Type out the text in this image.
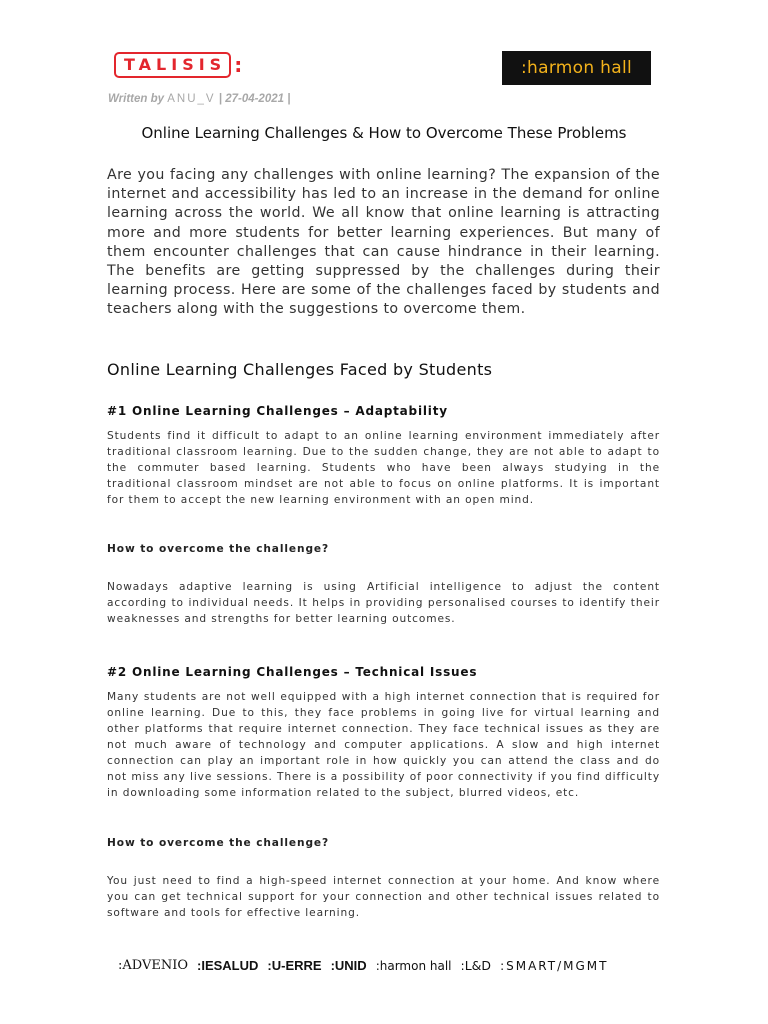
TALISIS :	:harmon hall
Written by ANU_V | 27-04-2021 |
Online Learning Challenges & How to Overcome These Problems

Are you facing any challenges with online learning? The expansion of the internet and accessibility has led to an increase in the demand for online learning across the world. We all know that online learning is attracting more and more students for better learning experiences. But many of them encounter challenges that can cause hindrance in their learning. The benefits are getting suppressed by the challenges during their learning process. Here are some of the challenges faced by students and teachers along with the suggestions to overcome them.

Online Learning Challenges Faced by Students
#1 Online Learning Challenges – Adaptability

Students find it difficult to adapt to an online learning environment immediately after traditional classroom learning. Due to the sudden change, they are not able to adapt to the commuter based learning. Students who have been always studying in the traditional classroom mindset are not able to focus on online platforms. It is important for them to accept the new learning environment with an open mind.

How to overcome the challenge?

Nowadays adaptive learning is using Artificial intelligence to adjust the content according to individual needs. It helps in providing personalised courses to identify their weaknesses and strengths for better learning outcomes.

#2 Online Learning Challenges – Technical Issues

Many students are not well equipped with a high internet connection that is required for online learning. Due to this, they face problems in going live for virtual learning and other platforms that require internet connection. They face technical issues as they are not much aware of technology and computer applications. A slow and high internet connection can play an important role in how quickly you can attend the class and do not miss any live sessions. There is a possibility of poor connectivity if you find difficulty in downloading some information related to the subject, blurred videos, etc.

How to overcome the challenge?

You just need to find a high-speed internet connection at your home. And know where you can get technical support for your connection and other technical issues related to software and tools for effective learning.

:ADVENIO :IESALUD :U-ERRE :UNID :harmon hall :L&D :SMART/MGMT
